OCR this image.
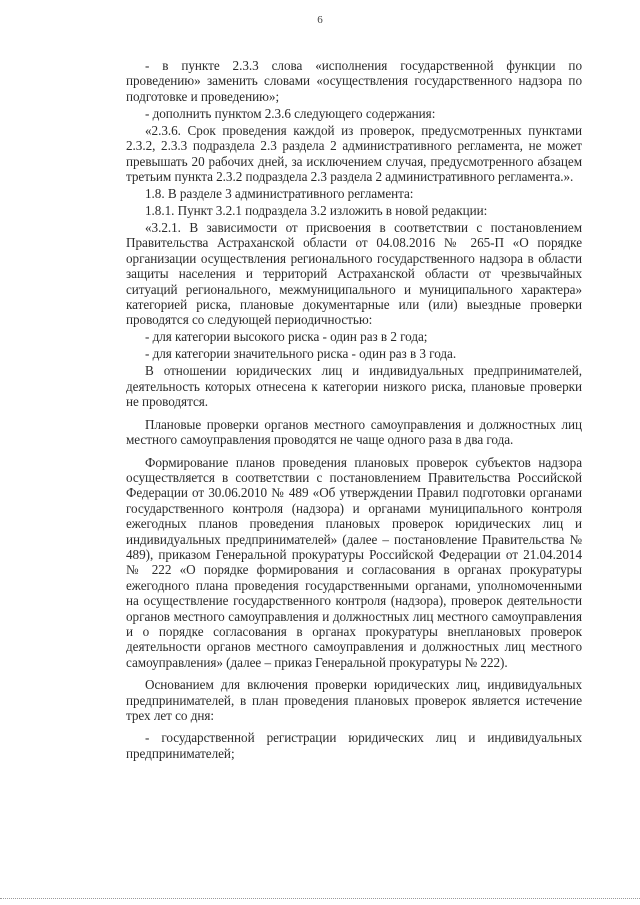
6

- в пункте 2.3.3 слова «исполнения государственной функции по проведению» заменить словами «осуществления государственного надзора по подготовке и проведению»;

- дополнить пунктом 2.3.6 следующего содержания:

«2.3.6. Срок проведения каждой из проверок, предусмотренных пунктами 2.3.2, 2.3.3 подраздела 2.3 раздела 2 административного регламента, не может превышать 20 рабочих дней, за исключением случая, предусмотренного абзацем третьим пункта 2.3.2 подраздела 2.3 раздела 2 административного регламента.».

1.8. В разделе 3 административного регламента:

1.8.1. Пункт 3.2.1 подраздела 3.2 изложить в новой редакции:

«3.2.1. В зависимости от присвоения в соответствии с постановлением Правительства Астраханской области от 04.08.2016 № 265-П «О порядке организации осуществления регионального государственного надзора в области защиты населения и территорий Астраханской области от чрезвычайных ситуаций регионального, межмуниципального и муниципального характера» категорией риска, плановые документарные или (или) выездные проверки проводятся со следующей периодичностью:

- для категории высокого риска - один раз в 2 года;

- для категории значительного риска - один раз в 3 года.

В отношении юридических лиц и индивидуальных предпринимателей, деятельность которых отнесена к категории низкого риска, плановые проверки не проводятся.

Плановые проверки органов местного самоуправления и должностных лиц местного самоуправления проводятся не чаще одного раза в два года.

Формирование планов проведения плановых проверок субъектов надзора осуществляется в соответствии с постановлением Правительства Российской Федерации от 30.06.2010 № 489 «Об утверждении Правил подготовки органами государственного контроля (надзора) и органами муниципального контроля ежегодных планов проведения плановых проверок юридических лиц и индивидуальных предпринимателей» (далее – постановление Правительства № 489), приказом Генеральной прокуратуры Российской Федерации от 21.04.2014 № 222 «О порядке формирования и согласования в органах прокуратуры ежегодного плана проведения государственными органами, уполномоченными на осуществление государственного контроля (надзора), проверок деятельности органов местного самоуправления и должностных лиц местного самоуправления и о порядке согласования в органах прокуратуры внеплановых проверок деятельности органов местного самоуправления и должностных лиц местного самоуправления» (далее – приказ Генеральной прокуратуры № 222).

Основанием для включения проверки юридических лиц, индивидуальных предпринимателей, в план проведения плановых проверок является истечение трех лет со дня:

- государственной регистрации юридических лиц и индивидуальных предпринимателей;
